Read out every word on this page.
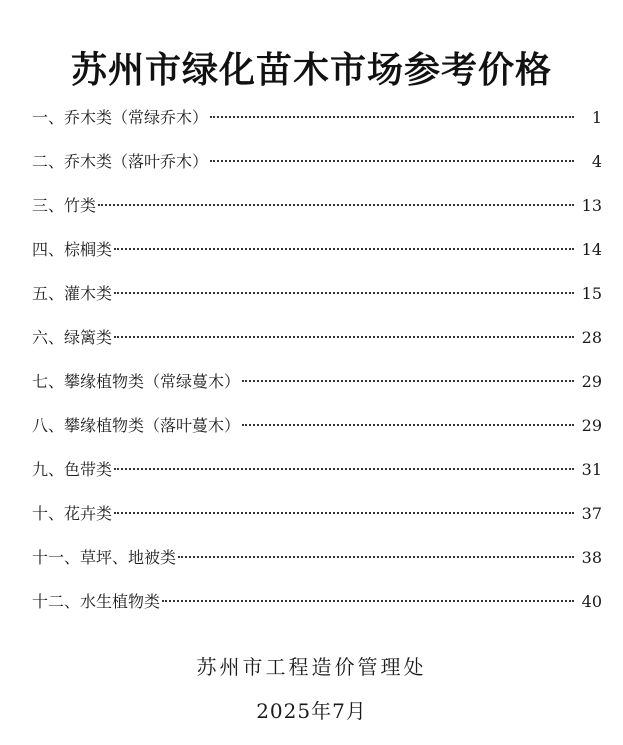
苏州市绿化苗木市场参考价格
一、乔木类（常绿乔木）	1
二、乔木类（落叶乔木）	4
三、竹类	13
四、棕榈类	14
五、灌木类	15
六、绿篱类	28
七、攀缘植物类（常绿蔓木）	29
八、攀缘植物类（落叶蔓木）	29
九、色带类	31
十、花卉类	37
十一、草坪、地被类	38
十二、水生植物类	40
苏州市工程造价管理处
2025年7月
